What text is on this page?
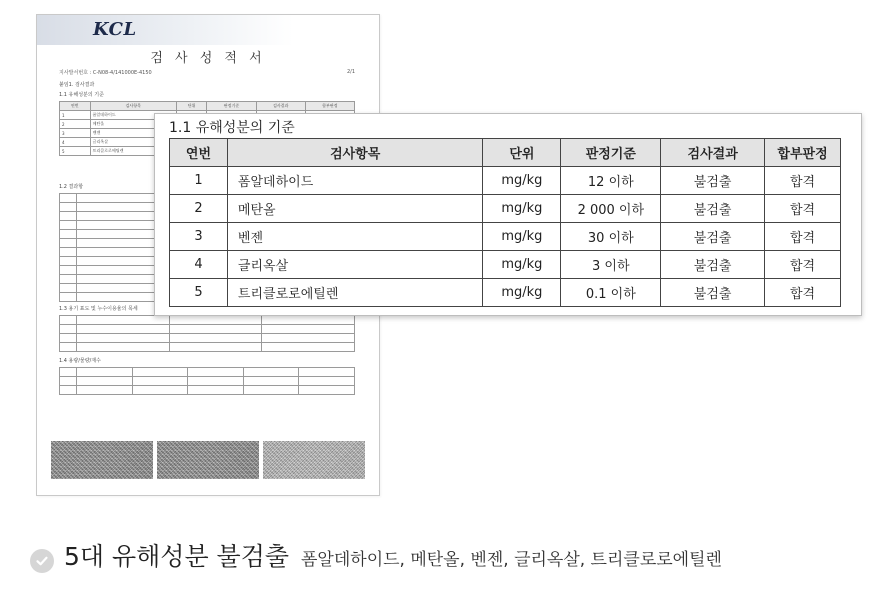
KCL
검 사 성 적 서
지사발서번호 : C-N08-4/141000E-4150	2/1
붙임1. 검사결과
1.1 유해성분의 기준
연번	검사항목	단위	판정기준	검사결과	합부판정
1	폼알데하이드				
2	메탄올				
3	벤젠				
4	글리옥살				
5	트리클로로에틸렌				
1.2 결과항

1.3 용기 표도 및 누수이용율의 목세

1.4 용량/물량/재수

1.1 유해성분의 기준
연번	검사항목	단위	판정기준	검사결과	합부판정
1	폼알데하이드	mg/kg	12 이하	불검출	합격
2	메탄올	mg/kg	2 000 이하	불검출	합격
3	벤젠	mg/kg	30 이하	불검출	합격
4	글리옥살	mg/kg	3 이하	불검출	합격
5	트리클로로에틸렌	mg/kg	0.1 이하	불검출	합격
5대 유해성분 불검출 폼알데하이드, 메탄올, 벤젠, 글리옥살, 트리클로로에틸렌
